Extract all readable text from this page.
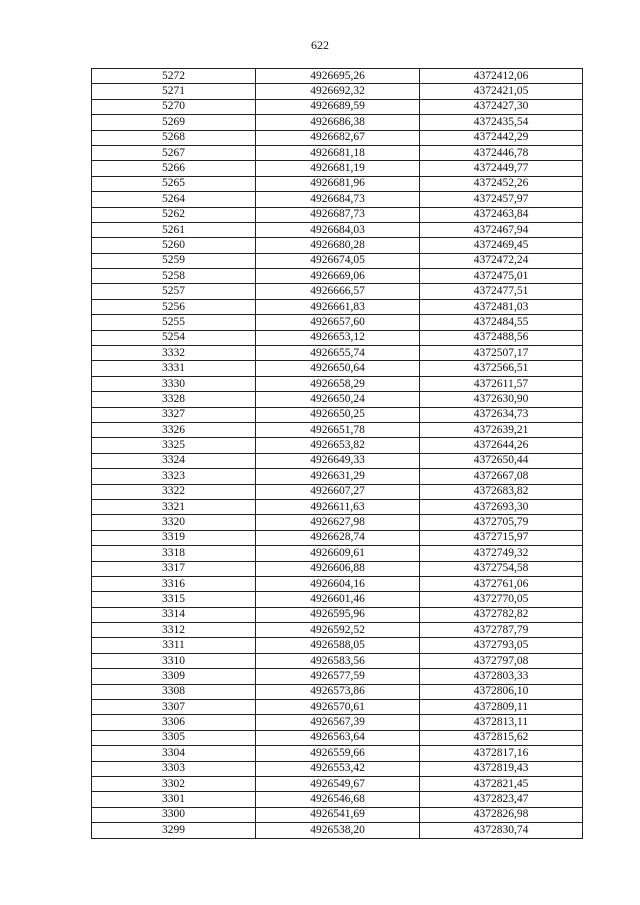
622
5272	4926695,26	4372412,06
5271	4926692,32	4372421,05
5270	4926689,59	4372427,30
5269	4926686,38	4372435,54
5268	4926682,67	4372442,29
5267	4926681,18	4372446,78
5266	4926681,19	4372449,77
5265	4926681,96	4372452,26
5264	4926684,73	4372457,97
5262	4926687,73	4372463,84
5261	4926684,03	4372467,94
5260	4926680,28	4372469,45
5259	4926674,05	4372472,24
5258	4926669,06	4372475,01
5257	4926666,57	4372477,51
5256	4926661,83	4372481,03
5255	4926657,60	4372484,55
5254	4926653,12	4372488,56
3332	4926655,74	4372507,17
3331	4926650,64	4372566,51
3330	4926658,29	4372611,57
3328	4926650,24	4372630,90
3327	4926650,25	4372634,73
3326	4926651,78	4372639,21
3325	4926653,82	4372644,26
3324	4926649,33	4372650,44
3323	4926631,29	4372667,08
3322	4926607,27	4372683,82
3321	4926611,63	4372693,30
3320	4926627,98	4372705,79
3319	4926628,74	4372715,97
3318	4926609,61	4372749,32
3317	4926606,88	4372754,58
3316	4926604,16	4372761,06
3315	4926601,46	4372770,05
3314	4926595,96	4372782,82
3312	4926592,52	4372787,79
3311	4926588,05	4372793,05
3310	4926583,56	4372797,08
3309	4926577,59	4372803,33
3308	4926573,86	4372806,10
3307	4926570,61	4372809,11
3306	4926567,39	4372813,11
3305	4926563,64	4372815,62
3304	4926559,66	4372817,16
3303	4926553,42	4372819,43
3302	4926549,67	4372821,45
3301	4926546,68	4372823,47
3300	4926541,69	4372826,98
3299	4926538,20	4372830,74
